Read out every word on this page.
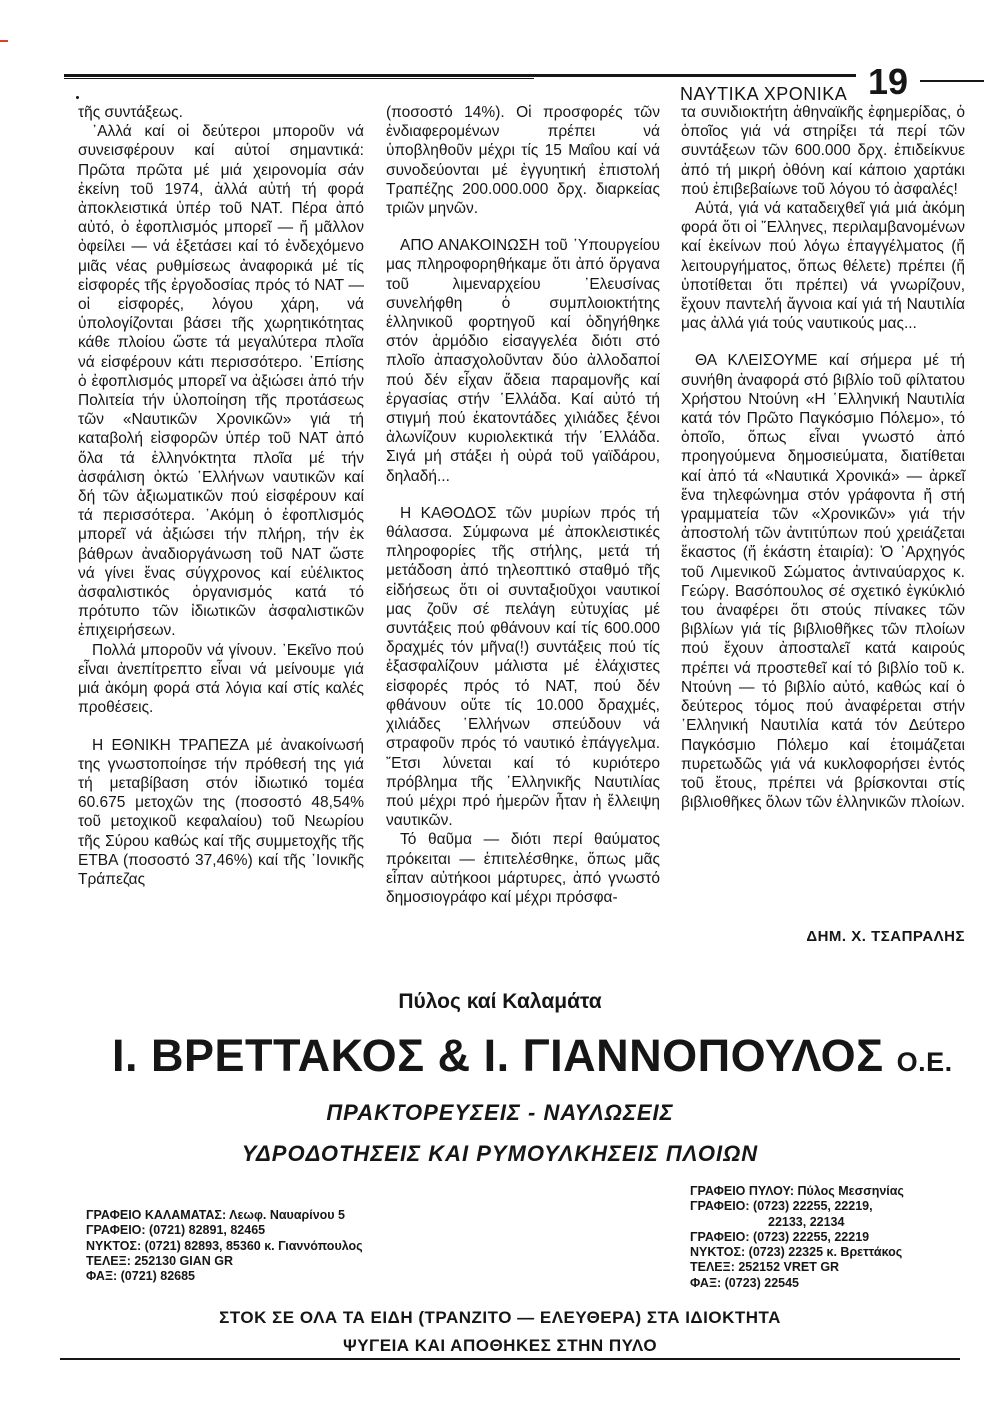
ΝΑΥΤΙΚΑ ΧΡΟΝΙΚΑ 19

τῆς συντάξεως.

᾿Αλλά καί οἱ δεύτεροι μποροῦν νά συνεισφέρουν καί αὐτοί σημαντικά: Πρῶτα πρῶτα μέ μιά χειρονομία σάν ἐκείνη τοῦ 1974, ἀλλά αὐτή τή φορά ἀποκλειστικά ὑπέρ τοῦ ΝΑΤ. Πέρα ἀπό αὐτό, ὁ ἐφοπλισμός μπορεῖ — ἤ μᾶλλον ὀφείλει — νά ἐξετάσει καί τό ἐνδεχόμενο μιᾶς νέας ρυθμίσεως ἀναφορικά μέ τίς εἰσφορές τῆς ἐργοδοσίας πρός τό ΝΑΤ — οἱ εἰσφορές, λόγου χάρη, νά ὑπολογίζονται βάσει τῆς χωρητικότητας κάθε πλοίου ὥστε τά μεγαλύτερα πλοῖα νά εἰσφέρουν κάτι περισσότερο. ᾿Επίσης ὁ ἐφοπλισμός μπορεῖ να ἀξιώσει ἀπό τήν Πολιτεία τήν ὑλοποίηση τῆς προτάσεως τῶν «Ναυτικῶν Χρονικῶν» γιά τή καταβολή εἰσφορῶν ὑπέρ τοῦ ΝΑΤ ἀπό ὅλα τά ἑλληνόκτητα πλοῖα μέ τήν ἀσφάλιση ὀκτώ ῾Ελλήνων ναυτικῶν καί δή τῶν ἀξιωματικῶν πού εἰσφέρουν καί τά περισσότερα. ᾿Ακόμη ὁ ἐφοπλισμός μπορεῖ νά ἀξιώσει τήν πλήρη, τήν ἐκ βάθρων ἀναδιοργάνωση τοῦ ΝΑΤ ὥστε νά γίνει ἕνας σύγχρονος καί εὐέλικτος ἀσφαλιστικός ὀργανισμός κατά τό πρότυπο τῶν ἰδιωτικῶν ἀσφαλιστικῶν ἐπιχειρήσεων.

Πολλά μποροῦν νά γίνουν. ᾿Εκεῖνο πού εἶναι ἀνεπίτρεπτο εἶναι νά μείνουμε γιά μιά ἀκόμη φορά στά λόγια καί στίς καλές προθέσεις.

Η ΕΘΝΙΚΗ ΤΡΑΠΕΖΑ μέ ἀνακοίνωσή της γνωστοποίησε τήν πρόθεσή της γιά τή μεταβίβαση στόν ἰδιωτικό τομέα 60.675 μετοχῶν της (ποσοστό 48,54% τοῦ μετοχικοῦ κεφαλαίου) τοῦ Νεωρίου τῆς Σύρου καθώς καί τῆς συμμετοχῆς τῆς ΕΤΒΑ (ποσοστό 37,46%) καί τῆς ᾿Ιονικῆς Τράπεζας

(ποσοστό 14%). Οἱ προσφορές τῶν ἐνδιαφερομένων πρέπει νά ὑποβληθοῦν μέχρι τίς 15 Μαΐου καί νά συνοδεύονται μέ ἐγγυητική ἐπιστολή Τραπέζης 200.000.000 δρχ. διαρκείας τριῶν μηνῶν.

ΑΠΟ ΑΝΑΚΟΙΝΩΣΗ τοῦ ῾Υπουργείου μας πληροφορηθήκαμε ὅτι ἀπό ὄργανα τοῦ λιμεναρχείου ᾿Ελευσίνας συνελήφθη ὁ συμπλοιοκτήτης ἑλληνικοῦ φορτηγοῦ καί ὁδηγήθηκε στόν ἁρμόδιο εἰσαγγελέα διότι στό πλοῖο ἀπασχολοῦνταν δύο ἀλλοδαποί πού δέν εἶχαν ἄδεια παραμονῆς καί ἐργασίας στήν ῾Ελλάδα. Καί αὐτό τή στιγμή πού ἑκατοντάδες χιλιάδες ξένοι ἀλωνίζουν κυριολεκτικά τήν ῾Ελλάδα. Σιγά μή στάξει ἡ οὐρά τοῦ γαϊδάρου, δηλαδή...

Η ΚΑΘΟΔΟΣ τῶν μυρίων πρός τή θάλασσα. Σύμφωνα μέ ἀποκλειστικές πληροφορίες τῆς στήλης, μετά τή μετάδοση ἀπό τηλεοπτικό σταθμό τῆς εἰδήσεως ὅτι οἱ συνταξιοῦχοι ναυτικοί μας ζοῦν σέ πελάγη εὐτυχίας μέ συντάξεις πού φθάνουν καί τίς 600.000 δραχμές τόν μῆνα(!) συντάξεις πού τίς ἐξασφαλίζουν μάλιστα μέ ἐλάχιστες εἰσφορές πρός τό ΝΑΤ, πού δέν φθάνουν οὔτε τίς 10.000 δραχμές, χιλιάδες ῾Ελλήνων σπεύδουν νά στραφοῦν πρός τό ναυτικό ἐπάγγελμα. ῎Ετσι λύνεται καί τό κυριότερο πρόβλημα τῆς ῾Ελληνικῆς Ναυτιλίας πού μέχρι πρό ἡμερῶν ἦταν ἡ ἔλλειψη ναυτικῶν.

Τό θαῦμα — διότι περί θαύματος πρόκειται — ἐπιτελέσθηκε, ὅπως μᾶς εἶπαν αὐτήκοοι μάρτυρες, ἀπό γνωστό δημοσιογράφο καί μέχρι πρόσφα-

τα συνιδιοκτήτη ἀθηναϊκῆς ἐφημερίδας, ὁ ὁποῖος γιά νά στηρίξει τά περί τῶν συντάξεων τῶν 600.000 δρχ. ἐπιδείκνυε ἀπό τή μικρή ὀθόνη καί κάποιο χαρτάκι πού ἐπιβεβαίωνε τοῦ λόγου τό ἀσφαλές!

Αὐτά, γιά νά καταδειχθεῖ γιά μιά ἀκόμη φορά ὅτι οἱ ῞Ελληνες, περιλαμβανομένων καί ἐκείνων πού λόγω ἐπαγγέλματος (ἤ λειτουργήματος, ὅπως θέλετε) πρέπει (ἤ ὑποτίθεται ὅτι πρέπει) νά γνωρίζουν, ἔχουν παντελή ἄγνοια καί γιά τή Ναυτιλία μας ἀλλά γιά τούς ναυτικούς μας...

ΘΑ ΚΛΕΙΣΟΥΜΕ καί σήμερα μέ τή συνήθη ἀναφορά στό βιβλίο τοῦ φίλτατου Χρήστου Ντούνη «Η ῾Ελληνική Ναυτιλία κατά τόν Πρῶτο Παγκόσμιο Πόλεμο», τό ὁποῖο, ὅπως εἶναι γνωστό ἀπό προηγούμενα δημοσιεύματα, διατίθεται καί ἀπό τά «Ναυτικά Χρονικά» — ἀρκεῖ ἕνα τηλεφώνημα στόν γράφοντα ἤ στή γραμματεία τῶν «Χρονικῶν» γιά τήν ἀποστολή τῶν ἀντιτύπων πού χρειάζεται ἕκαστος (ἤ ἑκάστη ἑταιρία): Ὁ ᾿Αρχηγός τοῦ Λιμενικοῦ Σώματος ἀντιναύαρχος κ. Γεώργ. Βασόπουλος σέ σχετικό ἐγκύκλιό του ἀναφέρει ὅτι στούς πίνακες τῶν βιβλίων γιά τίς βιβλιοθῆκες τῶν πλοίων πού ἔχουν ἀποσταλεῖ κατά καιρούς πρέπει νά προστεθεῖ καί τό βιβλίο τοῦ κ. Ντούνη — τό βιβλίο αὐτό, καθώς καί ὁ δεύτερος τόμος πού ἀναφέρεται στήν ῾Ελληνική Ναυτιλία κατά τόν Δεύτερο Παγκόσμιο Πόλεμο καί ἑτοιμάζεται πυρετωδῶς γιά νά κυκλοφορήσει ἐντός τοῦ ἔτους, πρέπει νά βρίσκονται στίς βιβλιοθῆκες ὅλων τῶν ἑλληνικῶν πλοίων.

ΔΗΜ. Χ. ΤΣΑΠΡΑΛΗΣ
Πύλος καί Καλαμάτα
Ι. ΒΡΕΤΤΑΚΟΣ & Ι. ΓΙΑΝΝΟΠΟΥΛΟΣ Ο.Ε.
ΠΡΑΚΤΟΡΕΥΣΕΙΣ - ΝΑΥΛΩΣΕΙΣ
ΥΔΡΟΔΟΤΗΣΕΙΣ ΚΑΙ ΡΥΜΟΥΛΚΗΣΕΙΣ ΠΛΟΙΩΝ
ΓΡΑΦΕΙΟ ΚΑΛΑΜΑΤΑΣ: Λεωφ. Ναυαρίνου 5
ΓΡΑΦΕΙΟ: (0721) 82891, 82465
ΝΥΚΤΟΣ: (0721) 82893, 85360 κ. Γιαννόπουλος
ΤΕΛΕΞ: 252130 GIAN GR
ΦΑΞ: (0721) 82685
ΓΡΑΦΕΙΟ ΠΥΛΟΥ: Πύλος Μεσσηνίας
ΓΡΑΦΕΙΟ: (0723) 22255, 22219,
22133, 22134
ΓΡΑΦΕΙΟ: (0723) 22255, 22219
ΝΥΚΤΟΣ: (0723) 22325 κ. Βρεττάκος
ΤΕΛΕΞ: 252152 VRET GR
ΦΑΞ: (0723) 22545
ΣΤΟΚ ΣΕ ΟΛΑ ΤΑ ΕΙΔΗ (ΤΡΑΝΖΙΤΟ — ΕΛΕΥΘΕΡΑ) ΣΤΑ ΙΔΙΟΚΤΗΤΑ
ΨΥΓΕΙΑ ΚΑΙ ΑΠΟΘΗΚΕΣ ΣΤΗΝ ΠΥΛΟ
